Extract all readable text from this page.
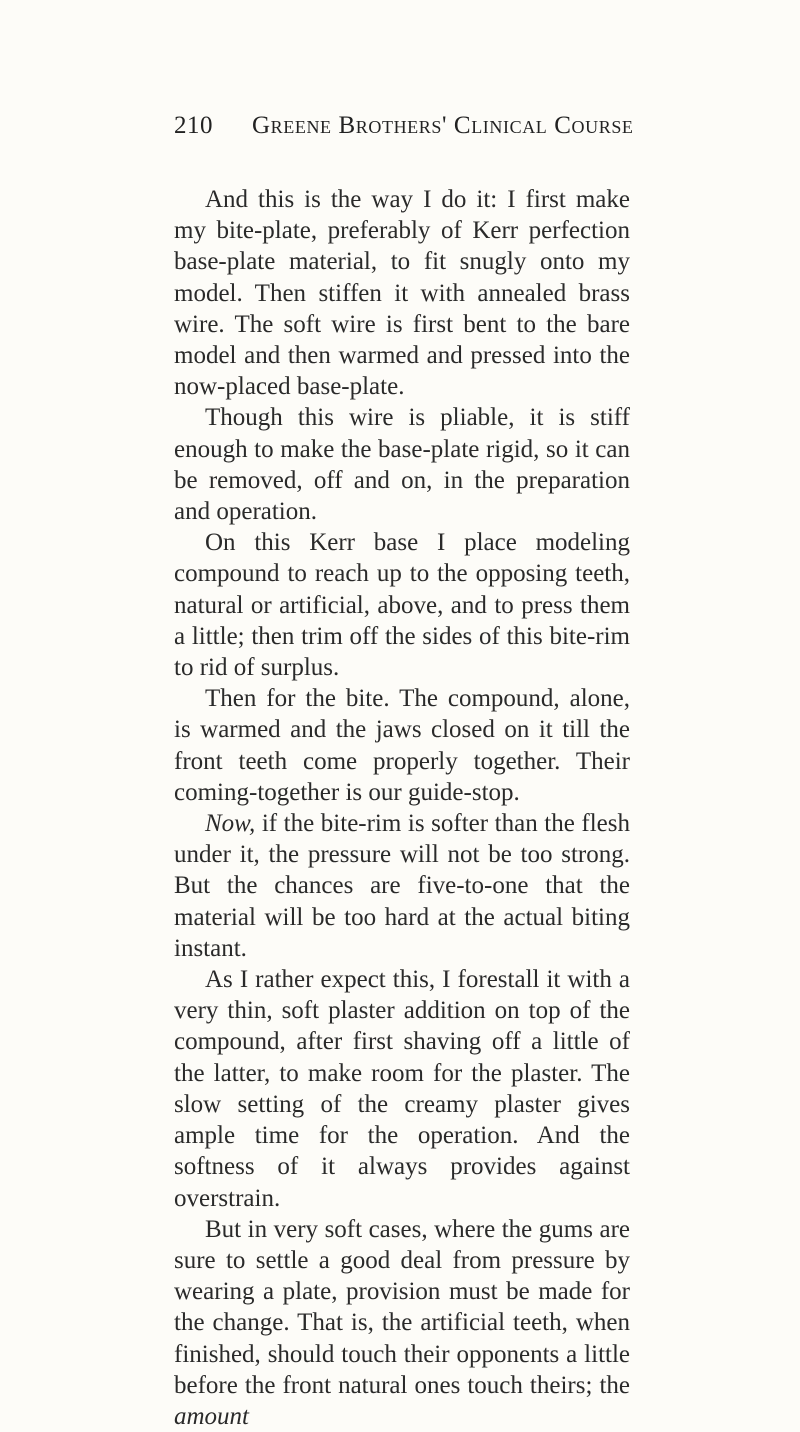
210 Greene Brothers' Clinical Course

And this is the way I do it: I first make my bite-plate, preferably of Kerr perfection base-plate material, to fit snugly onto my model. Then stiffen it with annealed brass wire. The soft wire is first bent to the bare model and then warmed and pressed into the now-placed base-plate.

Though this wire is pliable, it is stiff enough to make the base-plate rigid, so it can be removed, off and on, in the preparation and operation.

On this Kerr base I place modeling compound to reach up to the opposing teeth, natural or artificial, above, and to press them a little; then trim off the sides of this bite-rim to rid of surplus.

Then for the bite. The compound, alone, is warmed and the jaws closed on it till the front teeth come properly together. Their coming-together is our guide-stop.

Now, if the bite-rim is softer than the flesh under it, the pressure will not be too strong. But the chances are five-to-one that the material will be too hard at the actual biting instant.

As I rather expect this, I forestall it with a very thin, soft plaster addition on top of the compound, after first shaving off a little of the latter, to make room for the plaster. The slow setting of the creamy plaster gives ample time for the operation. And the softness of it always provides against overstrain.

But in very soft cases, where the gums are sure to settle a good deal from pressure by wearing a plate, provision must be made for the change. That is, the artificial teeth, when finished, should touch their opponents a little before the front natural ones touch theirs; the amount
